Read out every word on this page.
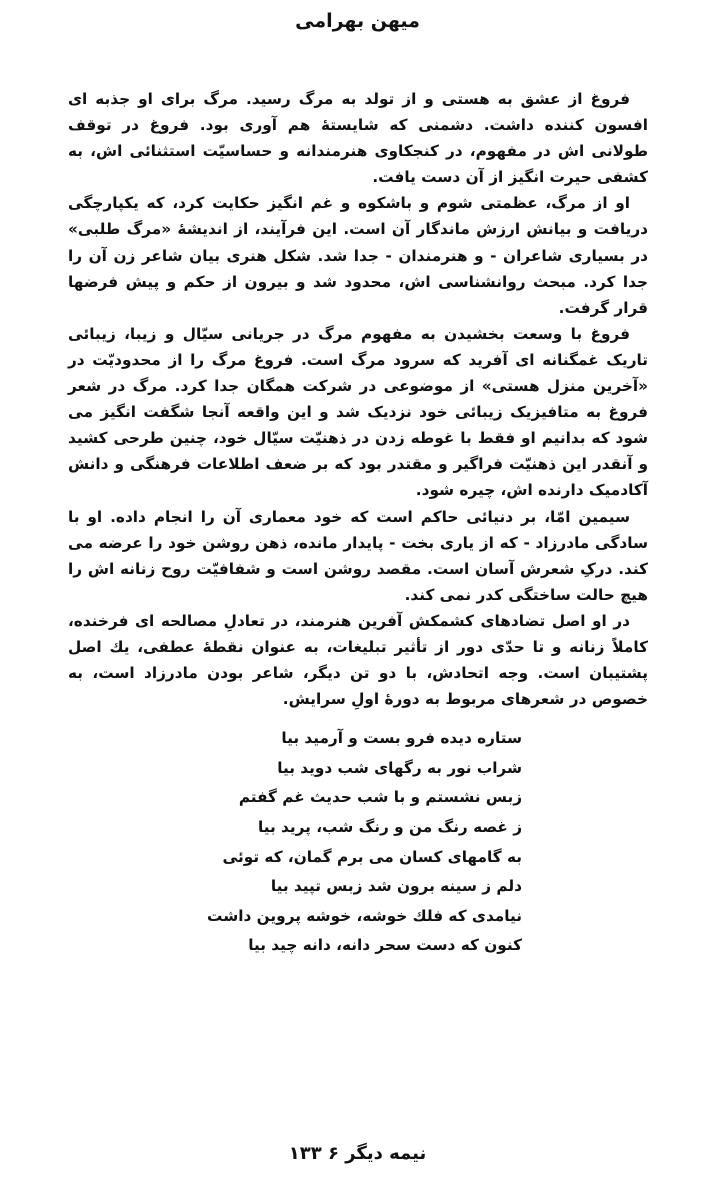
میهن بهرامی

فروغ از عشق به هستی و از تولد به مرگ رسید. مرگ برای او جذبه ای افسون کننده داشت. دشمنی که شایستهٔ هم آوری بود. فروغ در توقف طولانی اش در مفهوم، در کنجکاوی هنرمندانه و حساسیّت استثنائی اش، به کشفی حیرت انگیز از آن دست یافت.

او از مرگ، عظمتی شوم و باشکوه و غم انگیز حکایت کرد، که یکپارچگی دریافت و بیانش ارزش ماندگار آن است. این فرآیند، از اندیشهٔ «مرگ طلبی» در بسیاری شاعران - و هنرمندان - جدا شد. شکل هنری بیان شاعر زن آن را جدا کرد. مبحث روانشناسی اش، محدود شد و بیرون از حکم و پیش فرضها قرار گرفت.

فروغ با وسعت بخشیدن به مفهوم مرگ در جریانی سیّال و زیبا، زیبائی تاریک غمگنانه ای آفرید که سرود مرگ است. فروغ مرگ را از محدودیّت در «آخرین منزل هستی» از موضوعی در شرکت همگان جدا کرد. مرگ در شعر فروغ به متافیزیک زیبائی خود نزدیک شد و این واقعه آنجا شگفت انگیز می شود که بدانیم او فقط با غوطه زدن در ذهنیّت سیّال خود، چنین طرحی کشید و آنقدر این ذهنیّت فراگیر و مقتدر بود که بر ضعف اطلاعات فرهنگی و دانش آکادمیک دارنده اش، چیره شود.

سیمین امّا، بر دنیائی حاکم است که خود معماری آن را انجام داده. او با سادگی مادرزاد - که از یاری بخت - پایدار مانده، ذهن روشن خود را عرضه می کند. درکِ شعرش آسان است. مقصد روشن است و شفافیّت روح زنانه اش را هیچ حالت ساختگی کدر نمی کند.

در او اصل تضادهای کشمکش آفرین هنرمند، در تعادلِ مصالحه ای فرخنده، کاملاً زنانه و تا حدّی دور از تأثیر تبلیغات، به عنوان نقطهٔ عطفی، یك اصل پشتیبان است. وجه اتحادش، با دو تن دیگر، شاعر بودن مادرزاد است، به خصوص در شعرهای مربوط به دورهٔ اولِ سرایش.

ستاره دیده فرو بست و آرمید بیا
شراب نور به رگهای شب دوید بیا
زبس نشستم و با شب حدیث غم گفتم
ز غصه رنگ من و رنگ شب، پرید بیا
به گامهای کسان می برم گمان، که توئی
دلم ز سینه برون شد زبس تپید بیا
نیامدی که فلك خوشه، خوشه پروین داشت
کنون که دست سحر دانه، دانه چید بیا
نیمه دیگر ۶ ۱۳۳
